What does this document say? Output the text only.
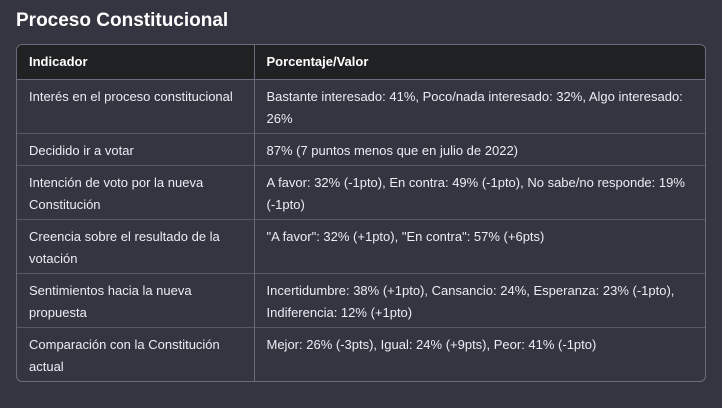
Proceso Constitucional
Indicador	Porcentaje/Valor
Interés en el proceso constitucional	Bastante interesado: 41%, Poco/nada interesado: 32%, Algo interesado: 26%
Decidido ir a votar	87% (7 puntos menos que en julio de 2022)
Intención de voto por la nueva Constitución	A favor: 32% (-1pto), En contra: 49% (-1pto), No sabe/no responde: 19% (-1pto)
Creencia sobre el resultado de la votación	"A favor": 32% (+1pto), "En contra": 57% (+6pts)
Sentimientos hacia la nueva propuesta	Incertidumbre: 38% (+1pto), Cansancio: 24%, Esperanza: 23% (-1pto), Indiferencia: 12% (+1pto)
Comparación con la Constitución actual	Mejor: 26% (-3pts), Igual: 24% (+9pts), Peor: 41% (-1pto)
